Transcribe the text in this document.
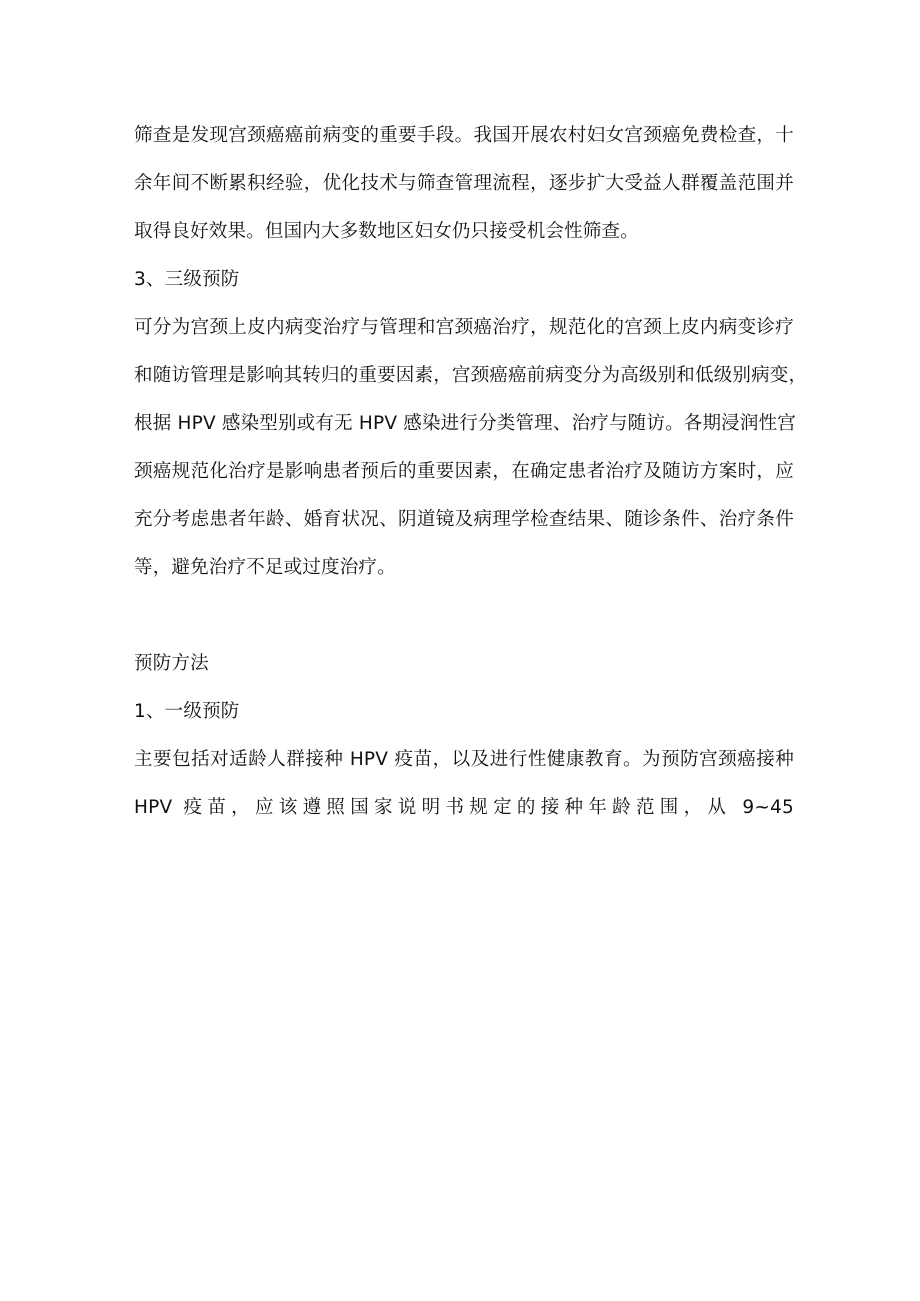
筛查是发现宫颈癌癌前病变的重要手段。我国开展农村妇女宫颈癌免费检查，十
余年间不断累积经验，优化技术与筛查管理流程，逐步扩大受益人群覆盖范围并
取得良好效果。但国内大多数地区妇女仍只接受机会性筛查。
3、三级预防
可分为宫颈上皮内病变治疗与管理和宫颈癌治疗，规范化的宫颈上皮内病变诊疗
和随访管理是影响其转归的重要因素，宫颈癌癌前病变分为高级别和低级别病变，
根据 HPV 感染型别或有无 HPV 感染进行分类管理、治疗与随访。各期浸润性宫
颈癌规范化治疗是影响患者预后的重要因素，在确定患者治疗及随访方案时，应
充分考虑患者年龄、婚育状况、阴道镜及病理学检查结果、随诊条件、治疗条件
等，避免治疗不足或过度治疗。
预防方法
1、一级预防
主要包括对适龄人群接种 HPV 疫苗，以及进行性健康教育。为预防宫颈癌接种
HPV 疫苗，应该遵照国家说明书规定的接种年龄范围，从 9~45
